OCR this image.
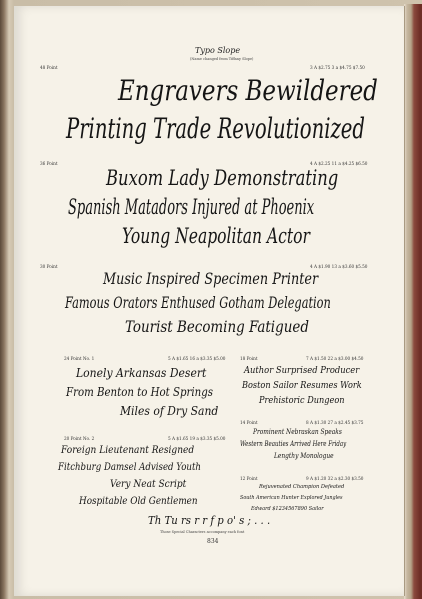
Typo Slope
(Name changed from Tiffany Slope)
48 Point	3 A $2.75 3 a $4.75 $7.50
Engravers Bewildered
Printing Trade Revolutionized
36 Point	4 A $2.25 11 a $4.25 $6.50
Buxom Lady Demonstrating
Spanish Matadors Injured at Phoenix
Young Neapolitan Actor
30 Point	4 A $1.90 13 a $3.60 $5.50
Music Inspired Specimen Printer
Famous Orators Enthused Gotham Delegation
Tourist Becoming Fatigued
24 Point No. 1	5 A $1.65 16 a $3.35 $5.00
Lonely Arkansas Desert
From Benton to Hot Springs
Miles of Dry Sand
18 Point	7 A $1.50 22 a $3.00 $4.50
Author Surprised Producer
Boston Sailor Resumes Work
Prehistoric Dungeon
20 Point No. 2	5 A $1.65 19 a $3.35 $5.00
Foreign Lieutenant Resigned
Fitchburg Damsel Advised Youth
Very Neat Script
Hospitable Old Gentlemen
14 Point	8 A $1.30 27 a $2.45 $3.75
Prominent Nebraskan Speaks
Western Beauties Arrived Here Friday
Lengthy Monologue
12 Point	9 A $1.20 32 a $2.30 $3.50
Rejuvenated Champion Defeated
South American Hunter Explored Jungles
Edward $1234567890 Sailor
Th Tu rs r r f p o' s ; . . .
Those Special Characters accompany each font
834
